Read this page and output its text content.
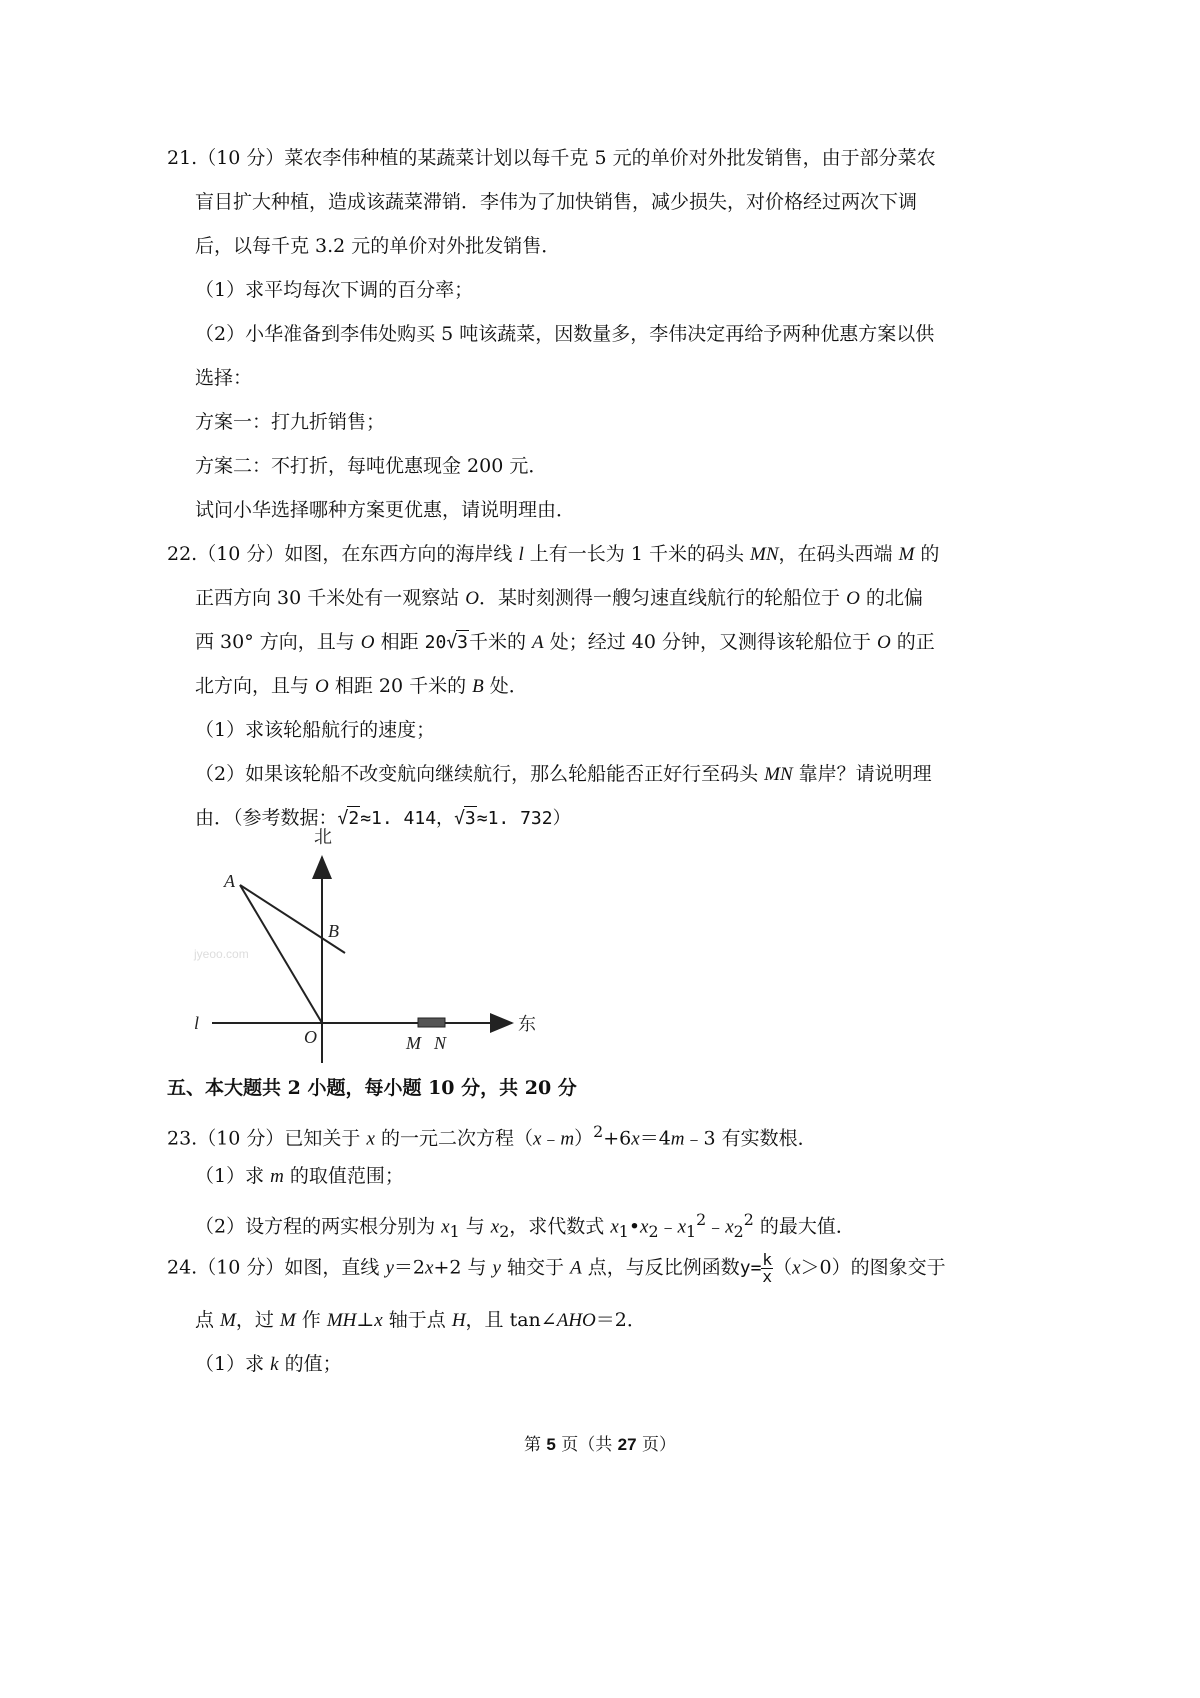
21.（10 分）菜农李伟种植的某蔬菜计划以每千克 5 元的单价对外批发销售，由于部分菜农
盲目扩大种植，造成该蔬菜滞销．李伟为了加快销售，减少损失，对价格经过两次下调
后，以每千克 3.2 元的单价对外批发销售．
（1）求平均每次下调的百分率；
（2）小华准备到李伟处购买 5 吨该蔬菜，因数量多，李伟决定再给予两种优惠方案以供
选择：
方案一：打九折销售；
方案二：不打折，每吨优惠现金 200 元．
试问小华选择哪种方案更优惠，请说明理由．
22.（10 分）如图，在东西方向的海岸线 l 上有一长为 1 千米的码头 MN，在码头西端 M 的
正西方向 30 千米处有一观察站 O．某时刻测得一艘匀速直线航行的轮船位于 O 的北偏
西 30° 方向，且与 O 相距 20√3千米的 A 处；经过 40 分钟，又测得该轮船位于 O 的正
北方向，且与 O 相距 20 千米的 B 处．
（1）求该轮船航行的速度；
（2）如果该轮船不改变航向继续航行，那么轮船能否正好行至码头 MN 靠岸？请说明理
由．（参考数据：√2≈1. 414，√3≈1. 732）
jyeoo.com
北
东
A
B
O	M N
l
五、本大题共 2 小题，每小题 10 分，共 20 分
23.（10 分）已知关于 x 的一元二次方程（x﹣m）$^2$+6x＝4m﹣3 有实数根．
（1）求 m 的取值范围；
（2）设方程的两实根分别为 $x_1$ 与 $x_2$，求代数式 $x_1•x_2﹣x_1^2﹣x_2^2$ 的最大值．
24.（10 分）如图，直线 y＝2x+2 与 y 轴交于 A 点，与反比例函数$y= \frac{k}{x} (x>0)$的图象交于
点 M，过 M 作 MH⊥x 轴于点 H，且 tan∠AHO＝2．
（1）求 k 的值；
第 5 页（共 27 页）
